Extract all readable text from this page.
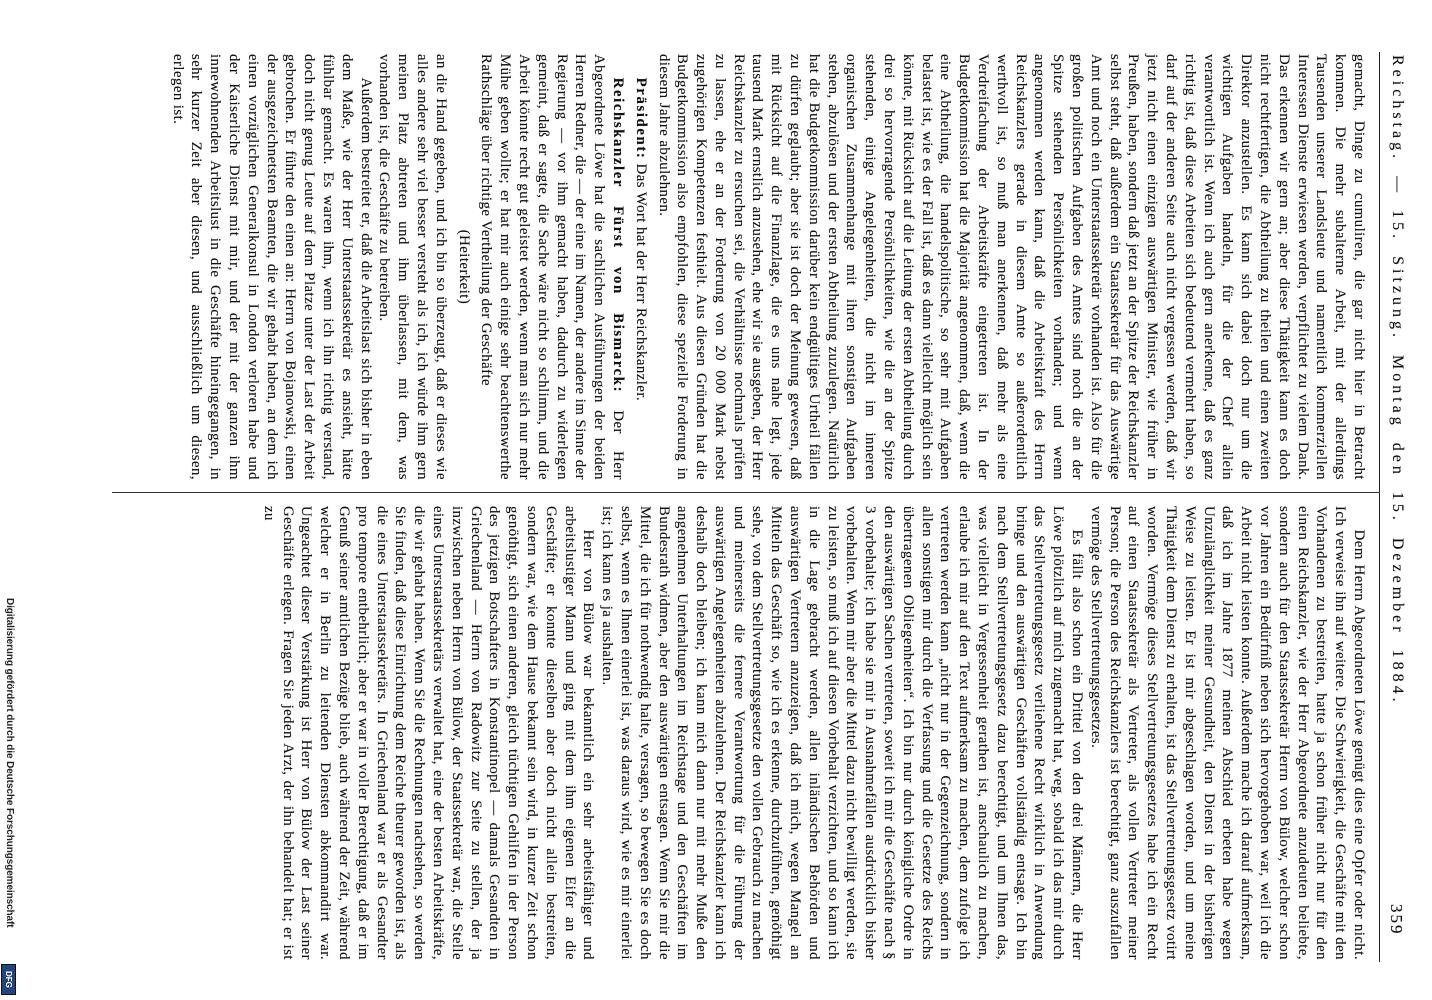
Reichstag. — 15. Sitzung. Montag den 15. Dezember 1884.
359

gemacht, Dinge zu cumuliren, die gar nicht hier in Betracht kommen. Die mehr subalterne Arbeit, mit der allerdings Tausenden unserer Landsleute und namentlich kommerziellen Interessen Dienste erwiesen werden, verpflichtet zu vielem Dank. Das erkennen wir gern an; aber diese Thätigkeit kann es doch nicht rechtfertigen, die Abtheilung zu theilen und einen zweiten Direktor anzustellen. Es kann sich dabei doch nur um die wichtigen Aufgaben handeln, für die der Chef allein verantwortlich ist. Wenn ich auch gern anerkenne, daß es ganz richtig ist, daß diese Arbeiten sich bedeutend vermehrt haben, so darf auf der anderen Seite auch nicht vergessen werden, daß wir jetzt nicht einen einzigen auswärtigen Minister, wie früher in Preußen, haben, sondern daß jetzt an der Spitze der Reichskanzler selbst steht, daß außerdem ein Staatssekretär für das Auswärtige Amt und noch ein Unterstaatssekretär vorhanden ist. Also für die großen politischen Aufgaben des Amtes sind noch die an der Spitze stehenden Persönlichkeiten vorhanden; und wenn angenommen werden kann, daß die Arbeitskraft des Herrn Reichskanzlers gerade in diesem Amte so außerordentlich werthvoll ist, so muß man anerkennen, daß mehr als eine Verdreifachung der Arbeitskräfte eingetreten ist. In der Budgetkommission hat die Majorität angenommen, daß, wenn die eine Abtheilung, die handelspolitische, so sehr mit Aufgaben belastet ist, wie es der Fall ist, daß es dann vielleicht möglich sein könnte, mit Rücksicht auf die Leitung der ersten Abtheilung durch drei so hervorragende Persönlichkeiten, wie die an der Spitze stehenden, einige Angelegenheiten, die nicht im inneren organischen Zusammenhange mit ihren sonstigen Aufgaben stehen, abzulösen und der ersten Abtheilung zuzulegen. Natürlich hat die Budgetkommission darüber kein endgültiges Urtheil fällen zu dürfen geglaubt; aber sie ist doch der Meinung gewesen, daß mit Rücksicht auf die Finanzlage, die es uns nahe legt, jede tausend Mark ernstlich anzusehen, ehe wir sie ausgeben, der Herr Reichskanzler zu ersuchen sei, die Verhältnisse nochmals prüfen zu lassen, ehe er an der Forderung von 20 000 Mark nebst zugehörigen Kompetenzen festhielt. Aus diesen Gründen hat die Budgetkommission also empfohlen, diese spezielle Forderung in diesem Jahre abzulehnen.

Präsident: Das Wort hat der Herr Reichskanzler.

Reichskanzler Fürst von Bismarck: Der Herr Abgeordnete Löwe hat die sachlichen Ausführungen der beiden Herren Redner, die — der eine im Namen, der andere im Sinne der Regierung — vor ihm gemacht haben, dadurch zu widerlegen gemeint, daß er sagte, die Sache wäre nicht so schlimm, und die Arbeit könnte recht gut geleistet werden, wenn man sich nur mehr Mühe geben wollte; er hat mir auch einige sehr beachtenswerthe Rathschläge über richtige Vertheilung der Geschäfte

(Heiterkeit)

an die Hand gegeben, und ich bin so überzeugt, daß er dieses wie alles andere sehr viel besser versteht als ich, ich würde ihm gern meinen Platz abtreten und ihm überlassen, mit dem, was vorhanden ist, die Geschäfte zu betreiben.

Außerdem bestreitet er, daß die Arbeitslast sich bisher in eben dem Maße, wie der Herr Unterstaatssekretär es ansieht, hätte fühlbar gemacht. Es waren ihm, wenn ich ihn richtig verstand, doch nicht genug Leute auf dem Platze unter der Last der Arbeit gebrochen. Er führte den einen an: Herrn von Bojanowski, einen der ausgezeichnetsten Beamten, die wir gehabt haben, an dem ich einen vorzüglichen Generalkonsul in London verloren habe und der Kaiserliche Dienst mit mir, und der mit der ganzen ihm innewohnenden Arbeitslust in die Geschäfte hineingegangen, in sehr kurzer Zeit aber diesen, und ausschließlich um diesen, erlegen ist.

Dem Herrn Abgeordneten Löwe genügt dies eine Opfer oder nicht. Ich verweise ihn auf weitere. Die Schwierigkeit, die Geschäfte mit den Vorhandenen zu bestreiten, hatte ja schon früher nicht nur für den einen Reichskanzler, wie der Herr Abgeordnete anzudeuten beliebte, sondern auch für den Staatssekretär Herrn von Bülow, welcher schon vor Jahren ein Bedürfniß neben sich hervorgehoben war, weil ich die Arbeit nicht leisten konnte. Außerdem mache ich darauf aufmerksam, daß ich im Jahre 1877 meinen Abschied erbeten habe wegen Unzulänglichkeit meiner Gesundheit, den Dienst in der bisherigen Weise zu leisten. Er ist mir abgeschlagen worden, und um meine Thätigkeit dem Dienst zu erhalten, ist das Stellvertretungsgesetz votirt worden. Vermöge dieses Stellvertretungsgesetzes habe ich ein Recht auf einen Staatssekretär als Vertreter, als vollen Vertreter meiner Person; die Person des Reichskanzlers ist berechtigt, ganz auszufallen vermöge des Stellvertretungsgesetzes.

Es fällt also schon ein Drittel von den drei Männern, die Herr Löwe plötzlich auf mich zugemacht hat, weg, sobald ich das mir durch das Stellvertretungsgesetz verliehene Recht wirklich in Anwendung bringe und den auswärtigen Geschäften vollständig entsage. Ich bin nach dem Stellvertretungsgesetz dazu berechtigt, und um Ihnen das, was vielleicht in Vergessenheit gerathen ist, anschaulich zu machen, erlaube ich mir auf den Text aufmerksam zu machen, dem zufolge ich vertreten werden kann „nicht nur in der Gegenzeichnung, sondern in allen sonstigen mir durch die Verfassung und die Gesetze des Reichs übertragenen Obliegenheiten“. Ich bin nur durch königliche Ordre in den auswärtigen Sachen vertreten, soweit ich mir die Geschäfte nach § 3 vorbehalte; ich habe sie mir in Ausnahmefällen ausdrücklich bisher vorbehalten. Wenn mir aber die Mittel dazu nicht bewilligt werden, sie zu leisten, so muß ich auf diesen Vorbehalt verzichten, und so kann ich in die Lage gebracht werden, allen inländischen Behörden und auswärtigen Vertretern anzuzeigen, daß ich mich, wegen Mangel an Mitteln das Geschäft so, wie ich es erkenne, durchzuführen, genöthigt sehe, von dem Stellvertretungsgesetze den vollen Gebrauch zu machen und meinerseits die fernere Verantwortung für die Führung der auswärtigen Angelegenheiten abzulehnen. Der Reichskanzler kann ich deshalb doch bleiben; ich kann mich dann nur mit mehr Muße den angenehmen Unterhaltungen im Reichstage und den Geschäften im Bundesrath widmen, aber den auswärtigen entsagen. Wenn Sie mir die Mittel, die ich für nothwendig halte, versagen, so bewegen Sie es doch selbst, wenn es Ihnen einerlei ist, was daraus wird, wie es mir einerlei ist; ich kann es ja aushalten.

Herr von Bülow war bekanntlich ein sehr arbeitsfähiger und arbeitslustiger Mann und ging mit dem ihm eigenen Eifer an die Geschäfte; er konnte dieselben aber doch nicht allein bestreiten, sondern war, wie dem Hause bekannt sein wird, in kurzer Zeit schon genöthigt, sich einen anderen, gleich tüchtigen Gehilfen in der Person des jetzigen Botschafters in Konstantinopel — damals Gesandten in Griechenland — Herrn von Radowitz zur Seite zu stellen, der ja inzwischen neben Herrn von Bülow, der Staatssekretär war, die Stelle eines Unterstaatssekretärs verwaltet hat, eine der besten Arbeitskräfte, die wir gehabt haben. Wenn Sie die Rechnungen nachsehen, so werden Sie finden, daß diese Einrichtung dem Reiche theurer geworden ist, als die eines Unterstaatssekretärs. In Griechenland war er als Gesandter pro tempore entbehrlich; aber er war in voller Berechtigung, daß er im Genuß seiner amtlichen Bezüge blieb, auch während der Zeit, während welcher er in Berlin zu leitenden Diensten abkommandirt war. Ungeachtet dieser Verstärkung ist Herr von Bülow der Last seiner Geschäfte erlegen. Fragen Sie jeden Arzt, der ihn behandelt hat; er ist zu

Digitalisierung gefördert durch die Deutsche Forschungsgemeinschaft
DFG
